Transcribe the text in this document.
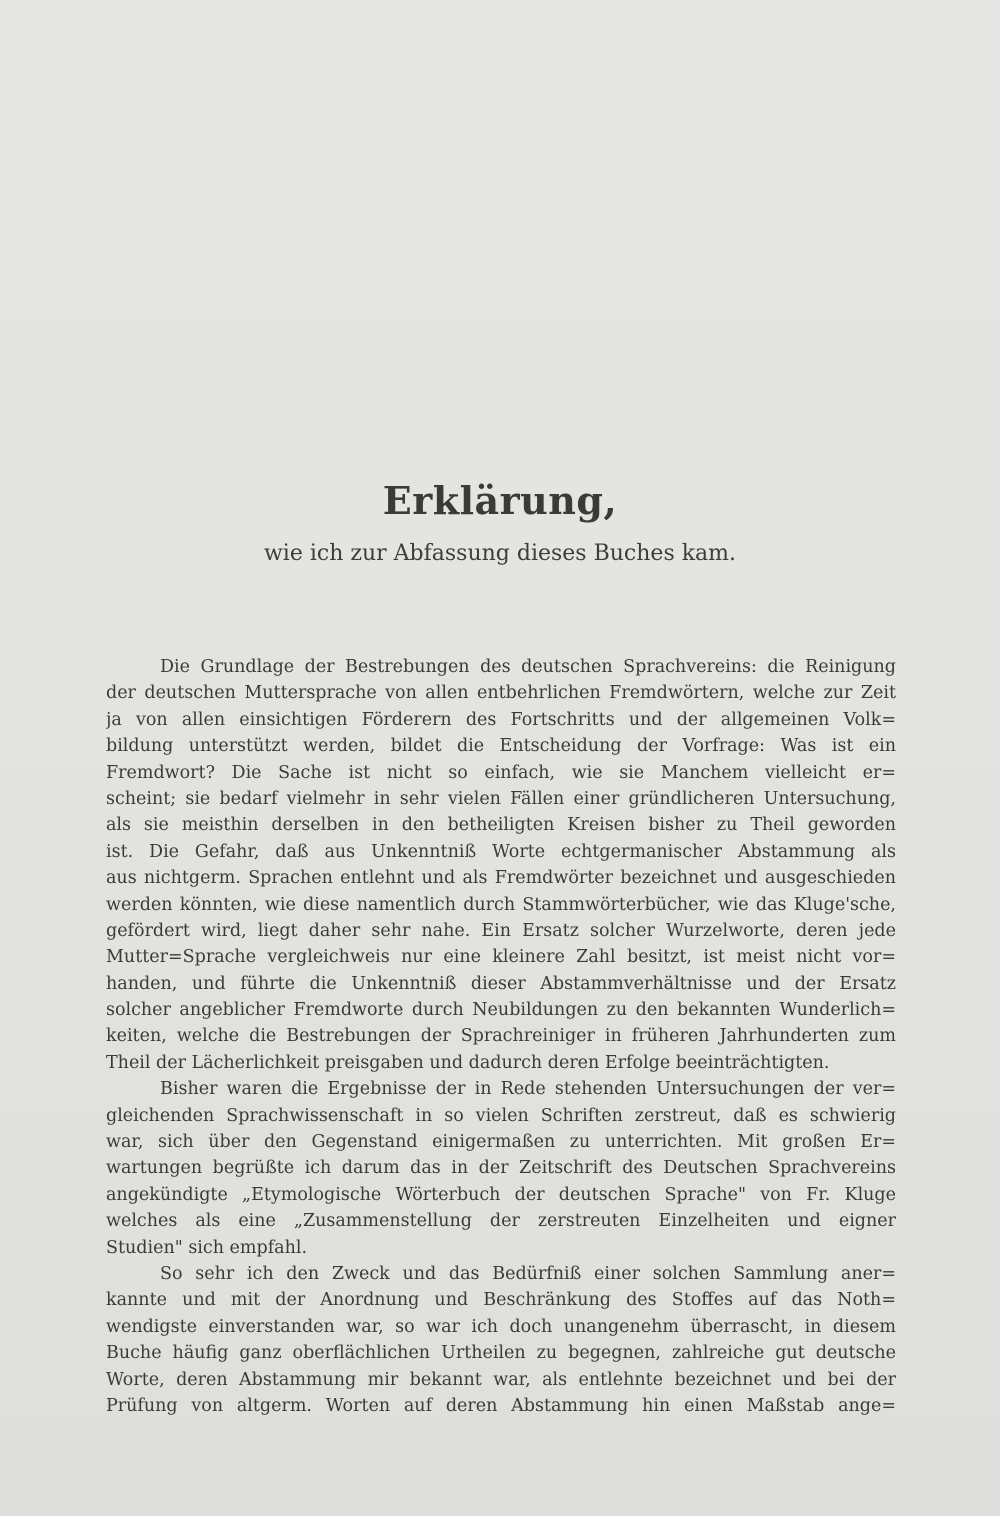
Erklärung,
wie ich zur Abfassung dieses Buches kam.
Die Grundlage der Bestrebungen des deutschen Sprachvereins: die Reinigung
der deutschen Muttersprache von allen entbehrlichen Fremdwörtern, welche zur Zeit
ja von allen einsichtigen Förderern des Fortschritts und der allgemeinen Volk=
bildung unterstützt werden, bildet die Entscheidung der Vorfrage: Was ist ein
Fremdwort? Die Sache ist nicht so einfach, wie sie Manchem vielleicht er=
scheint; sie bedarf vielmehr in sehr vielen Fällen einer gründlicheren Untersuchung,
als sie meisthin derselben in den betheiligten Kreisen bisher zu Theil geworden
ist. Die Gefahr, daß aus Unkenntniß Worte echtgermanischer Abstammung als
aus nichtgerm. Sprachen entlehnt und als Fremdwörter bezeichnet und ausgeschieden
werden könnten, wie diese namentlich durch Stammwörterbücher, wie das Kluge'sche,
gefördert wird, liegt daher sehr nahe. Ein Ersatz solcher Wurzelworte, deren jede
Mutter=Sprache vergleichweis nur eine kleinere Zahl besitzt, ist meist nicht vor=
handen, und führte die Unkenntniß dieser Abstammverhältnisse und der Ersatz
solcher angeblicher Fremdworte durch Neubildungen zu den bekannten Wunderlich=
keiten, welche die Bestrebungen der Sprachreiniger in früheren Jahrhunderten zum
Theil der Lächerlichkeit preisgaben und dadurch deren Erfolge beeinträchtigten.
Bisher waren die Ergebnisse der in Rede stehenden Untersuchungen der ver=
gleichenden Sprachwissenschaft in so vielen Schriften zerstreut, daß es schwierig
war, sich über den Gegenstand einigermaßen zu unterrichten. Mit großen Er=
wartungen begrüßte ich darum das in der Zeitschrift des Deutschen Sprachvereins
angekündigte „Etymologische Wörterbuch der deutschen Sprache" von Fr. Kluge
welches als eine „Zusammenstellung der zerstreuten Einzelheiten und eigner
Studien" sich empfahl.
So sehr ich den Zweck und das Bedürfniß einer solchen Sammlung aner=
kannte und mit der Anordnung und Beschränkung des Stoffes auf das Noth=
wendigste einverstanden war, so war ich doch unangenehm überrascht, in diesem
Buche häufig ganz oberflächlichen Urtheilen zu begegnen, zahlreiche gut deutsche
Worte, deren Abstammung mir bekannt war, als entlehnte bezeichnet und bei der
Prüfung von altgerm. Worten auf deren Abstammung hin einen Maßstab ange=
